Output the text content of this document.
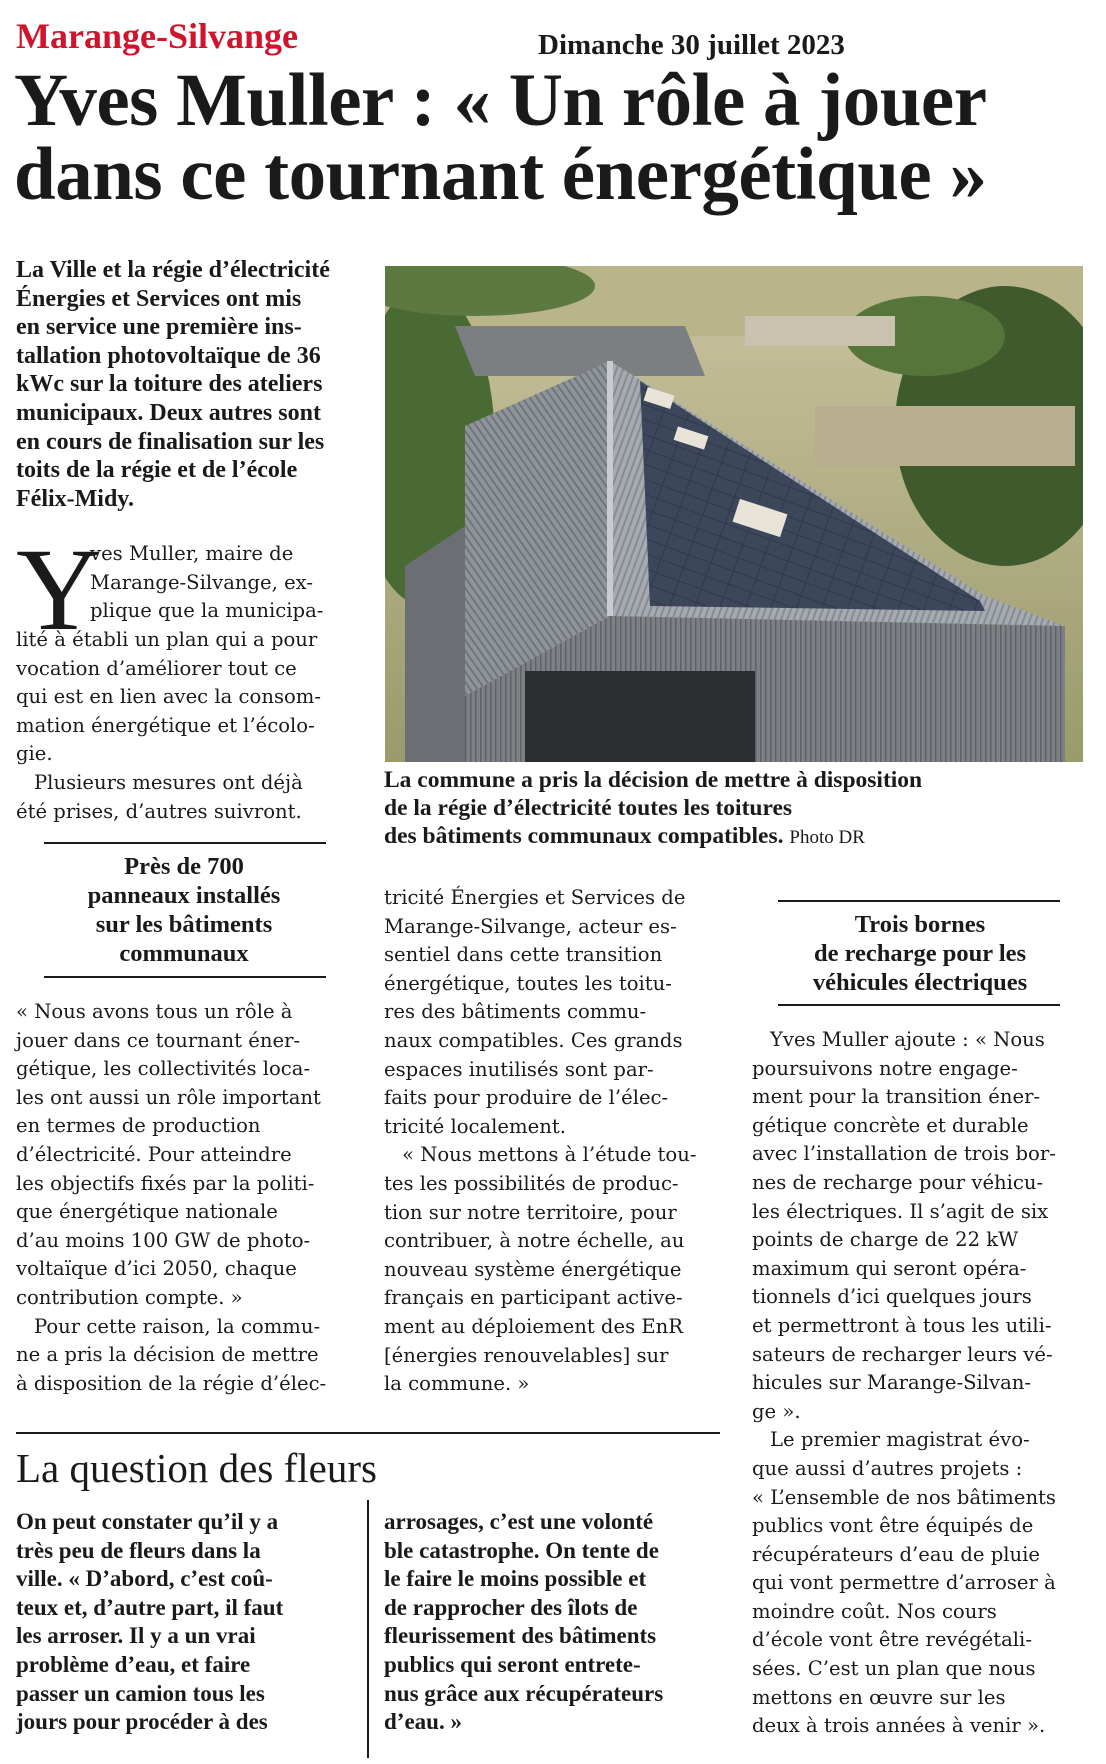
Marange-Silvange	Dimanche 30 juillet 2023
Yves Muller : « Un rôle à jouer
dans ce tournant énergétique »
La Ville et la régie d’électricité
Énergies et Services ont mis
en service une première ins-
tallation photovoltaïque de 36
kWc sur la toiture des ateliers
municipaux. Deux autres sont
en cours de finalisation sur les
toits de la régie et de l’école
Félix-Midy.
Y
ves Muller, maire de
Marange-Silvange, ex-
plique que la municipa-
lité à établi un plan qui a pour
vocation d’améliorer tout ce
qui est en lien avec la consom-
mation énergétique et l’écolo-
gie.
Plusieurs mesures ont déjà
été prises, d’autres suivront.
Près de 700
panneaux installés
sur les bâtiments
communaux
« Nous avons tous un rôle à
jouer dans ce tournant éner-
gétique, les collectivités loca-
les ont aussi un rôle important
en termes de production
d’électricité. Pour atteindre
les objectifs fixés par la politi-
que énergétique nationale
d’au moins 100 GW de photo-
voltaïque d’ici 2050, chaque
contribution compte. »
Pour cette raison, la commu-
ne a pris la décision de mettre
à disposition de la régie d’élec-
La commune a pris la décision de mettre à disposition
de la régie d’électricité toutes les toitures
des bâtiments communaux compatibles. Photo DR
tricité Énergies et Services de
Marange-Silvange, acteur es-
sentiel dans cette transition
énergétique, toutes les toitu-
res des bâtiments commu-
naux compatibles. Ces grands
espaces inutilisés sont par-
faits pour produire de l’élec-
tricité localement.
« Nous mettons à l’étude tou-
tes les possibilités de produc-
tion sur notre territoire, pour
contribuer, à notre échelle, au
nouveau système énergétique
français en participant active-
ment au déploiement des EnR
[énergies renouvelables] sur
la commune. »
Trois bornes
de recharge pour les
véhicules électriques
Yves Muller ajoute : « Nous
poursuivons notre engage-
ment pour la transition éner-
gétique concrète et durable
avec l’installation de trois bor-
nes de recharge pour véhicu-
les électriques. Il s’agit de six
points de charge de 22 kW
maximum qui seront opéra-
tionnels d’ici quelques jours
et permettront à tous les utili-
sateurs de recharger leurs vé-
hicules sur Marange-Silvan-
ge ».
Le premier magistrat évo-
que aussi d’autres projets :
« L’ensemble de nos bâtiments
publics vont être équipés de
récupérateurs d’eau de pluie
qui vont permettre d’arroser à
moindre coût. Nos cours
d’école vont être revégétali-
sées. C’est un plan que nous
mettons en œuvre sur les
deux à trois années à venir ».
La question des fleurs
On peut constater qu’il y a
très peu de fleurs dans la
ville. « D’abord, c’est coû-
teux et, d’autre part, il faut
les arroser. Il y a un vrai
problème d’eau, et faire
passer un camion tous les
jours pour procéder à des
arrosages, c’est une volonté
ble catastrophe. On tente de
le faire le moins possible et
de rapprocher des îlots de
fleurissement des bâtiments
publics qui seront entrete-
nus grâce aux récupérateurs
d’eau. »
